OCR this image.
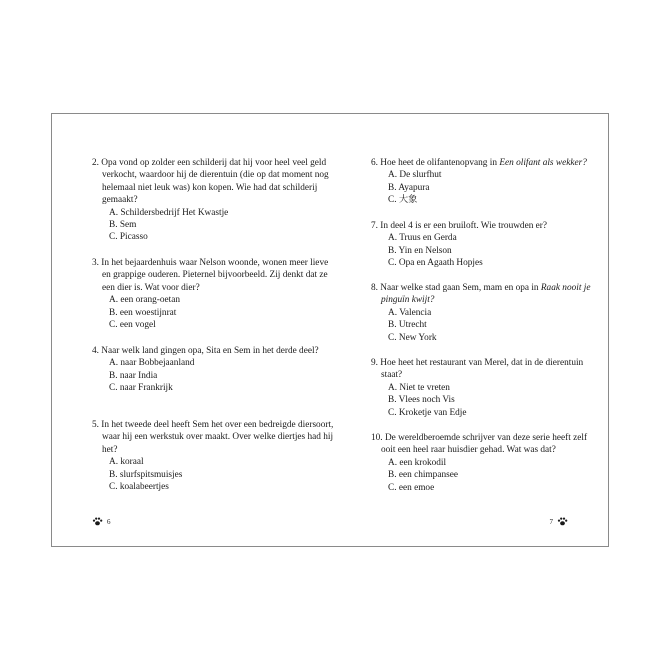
2. Opa vond op zolder een schilderij dat hij voor heel veel geld verkocht, waardoor hij de dierentuin (die op dat moment nog helemaal niet leuk was) kon kopen. Wie had dat schilderij gemaakt?

A. Schildersbedrijf Het Kwastje
B. Sem
C. Picasso

3. In het bejaardenhuis waar Nelson woonde, wonen meer lieve en grappige ouderen. Pieternel bijvoorbeeld. Zij denkt dat ze een dier is. Wat voor dier?

A. een orang-oetan
B. een woestijnrat
C. een vogel

4. Naar welk land gingen opa, Sita en Sem in het derde deel?

A. naar Bobbejaanland
B. naar India
C. naar Frankrijk

5. In het tweede deel heeft Sem het over een bedreigde diersoort, waar hij een werkstuk over maakt. Over welke diertjes had hij het?

A. koraal
B. slurfspitsmuisjes
C. koalabeertjes
6

6. Hoe heet de olifantenopvang in Een olifant als wekker?

A. De slurfhut
B. Ayapura
C. 大象

7. In deel 4 is er een bruiloft. Wie trouwden er?

A. Truus en Gerda
B. Yin en Nelson
C. Opa en Agaath Hopjes

8. Naar welke stad gaan Sem, mam en opa in Raak nooit je pinguïn kwijt?

A. Valencia
B. Utrecht
C. New York

9. Hoe heet het restaurant van Merel, dat in de dierentuin staat?

A. Niet te vreten
B. Vlees noch Vis
C. Kroketje van Edje

10. De wereldberoemde schrijver van deze serie heeft zelf ooit een heel raar huisdier gehad. Wat was dat?

A. een krokodil
B. een chimpansee
C. een emoe
7
